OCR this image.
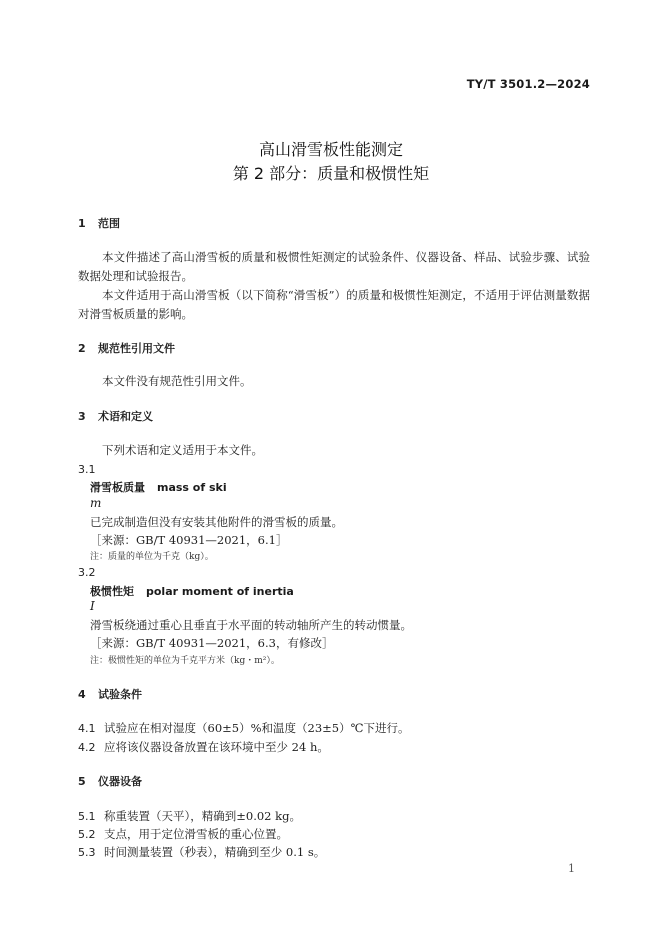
TY/T 3501.2—2024
高山滑雪板性能测定
第 2 部分：质量和极惯性矩
1 范围
本文件描述了高山滑雪板的质量和极惯性矩测定的试验条件、仪器设备、样品、试验步骤、试验数据处理和试验报告。
本文件适用于高山滑雪板（以下简称“滑雪板”）的质量和极惯性矩测定，不适用于评估测量数据对滑雪板质量的影响。
2 规范性引用文件
本文件没有规范性引用文件。
3 术语和定义
下列术语和定义适用于本文件。
3.1
滑雪板质量 mass of ski
m
已完成制造但没有安装其他附件的滑雪板的质量。
［来源：GB/T 40931—2021，6.1］
注：质量的单位为千克（kg）。
3.2
极惯性矩 polar moment of inertia
I
滑雪板绕通过重心且垂直于水平面的转动轴所产生的转动惯量。
［来源：GB/T 40931—2021，6.3，有修改］
注：极惯性矩的单位为千克平方米（kg・m²）。
4 试验条件
4.1 试验应在相对湿度（60±5）%和温度（23±5）℃下进行。
4.2 应将该仪器设备放置在该环境中至少 24 h。
5 仪器设备
5.1 称重装置（天平），精确到±0.02 kg。
5.2 支点，用于定位滑雪板的重心位置。
5.3 时间测量装置（秒表），精确到至少 0.1 s。
1
